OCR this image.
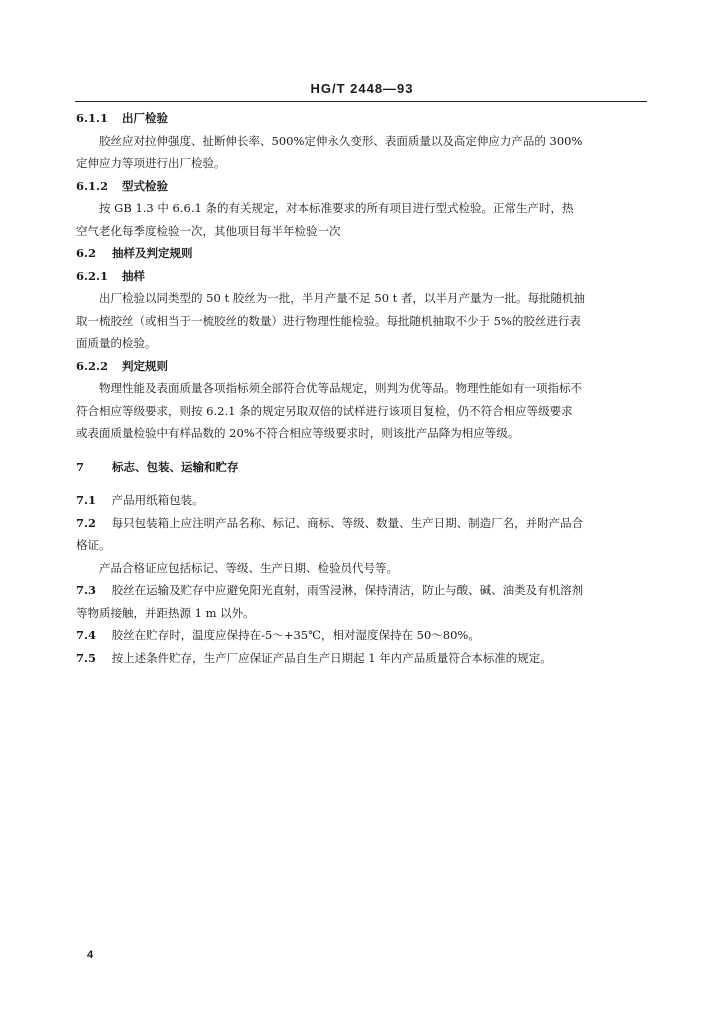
HG/T 2448—93
6.1.1 出厂检验
胶丝应对拉伸强度、扯断伸长率、500%定伸永久变形、表面质量以及高定伸应力产品的 300%
定伸应力等项进行出厂检验。
6.1.2 型式检验
按 GB 1.3 中 6.6.1 条的有关规定，对本标准要求的所有项目进行型式检验。正常生产时，热
空气老化每季度检验一次，其他项目每半年检验一次
6.2 抽样及判定规则
6.2.1 抽样
出厂检验以同类型的 50 t 胶丝为一批，半月产量不足 50 t 者，以半月产量为一批。每批随机抽
取一梳胶丝（或相当于一梳胶丝的数量）进行物理性能检验。每批随机抽取不少于 5%的胶丝进行表
面质量的检验。
6.2.2 判定规则
物理性能及表面质量各项指标须全部符合优等品规定，则判为优等品。物理性能如有一项指标不
符合相应等级要求，则按 6.2.1 条的规定另取双倍的试样进行该项目复检，仍不符合相应等级要求
或表面质量检验中有样品数的 20%不符合相应等级要求时，则该批产品降为相应等级。
7 标志、包装、运输和贮存
7.1 产品用纸箱包装。
7.2 每只包装箱上应注明产品名称、标记、商标、等级、数量、生产日期、制造厂名，并附产品合
格证。
产品合格证应包括标记、等级、生产日期、检验员代号等。
7.3 胶丝在运输及贮存中应避免阳光直射，雨雪浸淋，保持清洁，防止与酸、碱、油类及有机溶剂
等物质接触，并距热源 1 m 以外。
7.4 胶丝在贮存时，温度应保持在-5～+35℃，相对湿度保持在 50～80%。
7.5 按上述条件贮存，生产厂应保证产品自生产日期起 1 年内产品质量符合本标准的规定。
4
